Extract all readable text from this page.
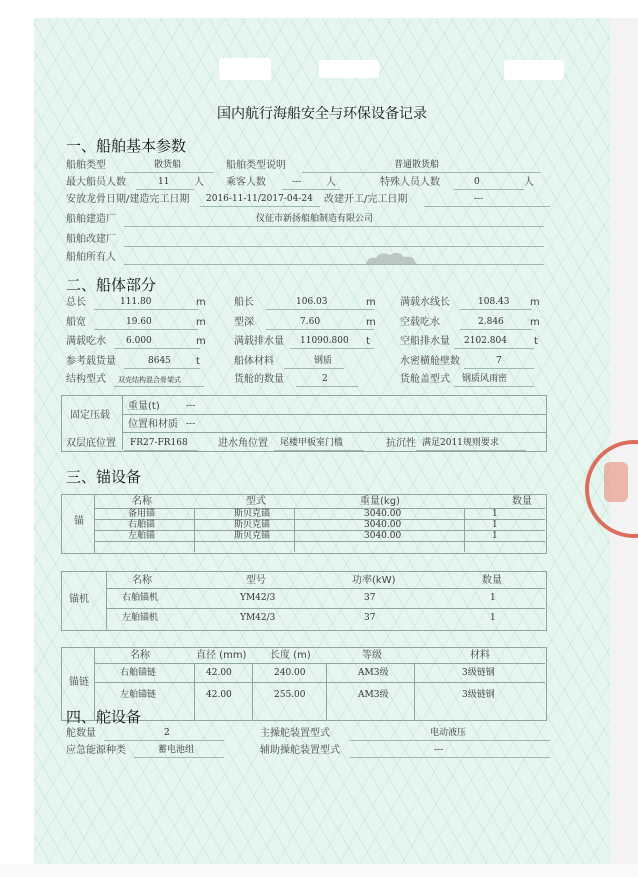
国内航行海船安全与环保设备记录
一、船舶基本参数
船舶类型	散货船	船舶类型说明	普通散货船
最大船员人数	11 人 乘客人数	--- 人	特殊人员人数	0	人
安放龙骨日期/建造完工日期 2016-11-11/2017-04-24 改建开工/完工日期	---
船舶建造厂	仪征市新扬船舶制造有限公司
船舶改建厂
船舶所有人
二、船体部分
总长	111.80	m	船长	106.03	m 满载水线长	108.43 m
船宽	19.60	m	型深	7.60	m 空载吃水	2.846	m
满载吃水 6.000	m	满载排水量 11090.800 t	空船排水量 2102.804	t
参考载货量	8645	t	船体材料	钢质	水密横舱壁数	7
结构型式 双壳结构混合骨架式	货舱的数量	2	货舱盖型式 钢质风雨密
固定压载
重量(t)	---
位置和材质 ---
双层底位置 FR27-FR168	进水角位置 尾楼甲板室门槛	抗沉性 满足2011规则要求
三、锚设备
锚
名称	型式	重量(kg)	数量
备用锚	斯贝克锚	3040.00	1
右舶锚	斯贝克锚	3040.00	1
左舶锚	斯贝克锚	3040.00	1
锚机
名称	型号	功率(kW)	数量
右舶锚机	YM42/3	37	1
左舶锚机	YM42/3	37	1
锚链
名称	直径 (mm) 长度 (m)	等级	材料
右舶锚链	42.00	240.00	AM3级	3级链钢
左舶锚链	42.00	255.00	AM3级	3级链钢
四、舵设备
舵数量	2	主操舵装置型式	电动液压
应急能源种类	蓄电池组	辅助操舵装置型式	---
